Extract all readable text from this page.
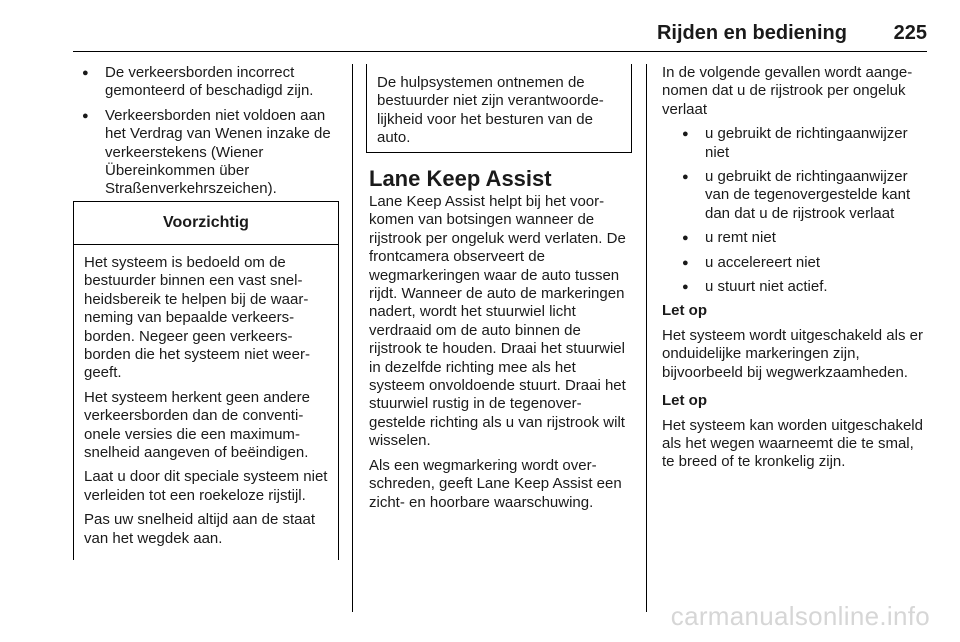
Rijden en bediening 225
● De verkeersborden incorrect gemonteerd of beschadigd zijn.
● Verkeersborden niet voldoen aan het Verdrag van Wenen inzake de verkeerstekens (Wiener Übereinkommen über Straßenverkehrszeichen).
Voorzichtig

Het systeem is bedoeld om de bestuurder binnen een vast snelheidsbereik te helpen bij de waarneming van bepaalde verkeersborden. Negeer geen verkeersborden die het systeem niet weergeeft.

Het systeem herkent geen andere verkeersborden dan de conventionele versies die een maximumsnelheid aangeven of beëindigen.

Laat u door dit speciale systeem niet verleiden tot een roekeloze rijstijl.

Pas uw snelheid altijd aan de staat van het wegdek aan.

De hulpsystemen ontnemen de bestuurder niet zijn verantwoordelijkheid voor het besturen van de auto.

Lane Keep Assist

Lane Keep Assist helpt bij het voorkomen van botsingen wanneer de rijstrook per ongeluk werd verlaten. De frontcamera observeert de wegmarkeringen waar de auto tussen rijdt. Wanneer de auto de markeringen nadert, wordt het stuurwiel licht verdraaid om de auto binnen de rijstrook te houden. Draai het stuurwiel in dezelfde richting mee als het systeem onvoldoende stuurt. Draai het stuurwiel rustig in de tegenovergestelde richting als u van rijstrook wilt wisselen.

Als een wegmarkering wordt overschreden, geeft Lane Keep Assist een zicht- en hoorbare waarschuwing.

In de volgende gevallen wordt aangenomen dat u de rijstrook per ongeluk verlaat

● u gebruikt de richtingaanwijzer niet
● u gebruikt de richtingaanwijzer van de tegenovergestelde kant dan dat u de rijstrook verlaat
● u remt niet
● u accelereert niet
● u stuurt niet actief.

Let op

Het systeem wordt uitgeschakeld als er onduidelijke markeringen zijn, bijvoorbeeld bij wegwerkzaamheden.

Let op

Het systeem kan worden uitgeschakeld als het wegen waarneemt die te smal, te breed of te kronkelig zijn.

carmanualsonline.info
